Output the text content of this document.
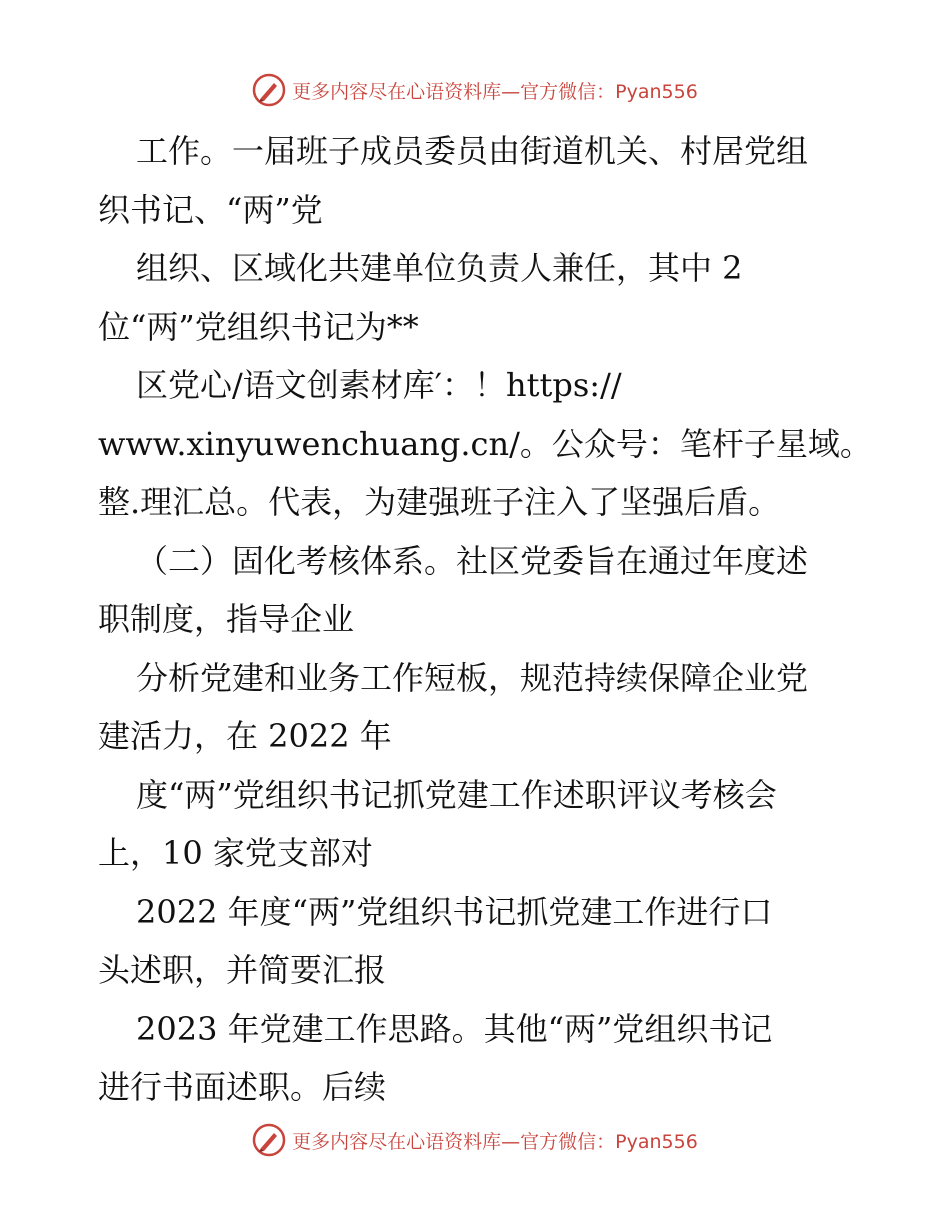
更多内容尽在心语资料库—官方微信：Pyan556
工作。一届班子成员委员由街道机关、村居党组
织书记、“两”党
组织、区域化共建单位负责人兼任，其中 2
位“两”党组织书记为**
区党心/语文创素材库′：！https://
www.xinyuwenchuang.cn/。公众号：笔杆子星域。
整.理汇总。代表，为建强班子注入了坚强后盾。
（二）固化考核体系。社区党委旨在通过年度述
职制度，指导企业
分析党建和业务工作短板，规范持续保障企业党
建活力，在 2022 年
度“两”党组织书记抓党建工作述职评议考核会
上，10 家党支部对
2022 年度“两”党组织书记抓党建工作进行口
头述职，并简要汇报
2023 年党建工作思路。其他“两”党组织书记
进行书面述职。后续
更多内容尽在心语资料库—官方微信：Pyan556
